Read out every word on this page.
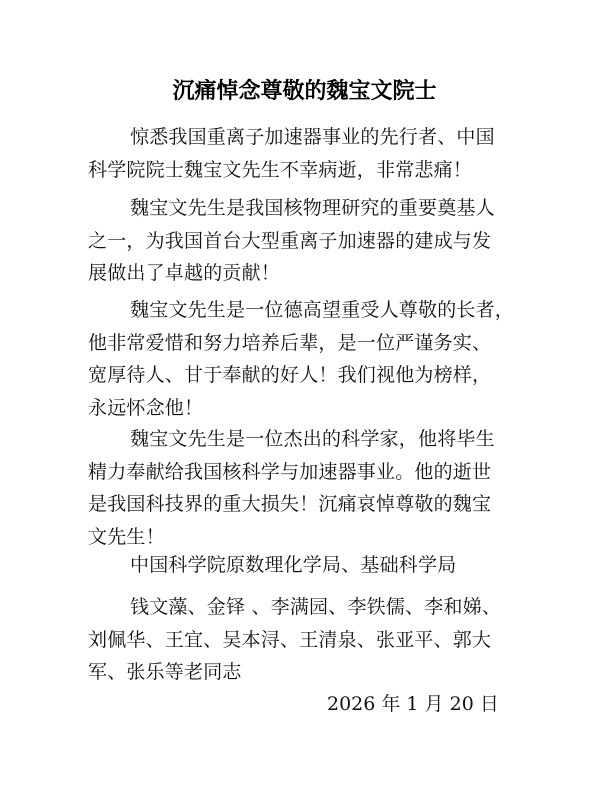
沉痛悼念尊敬的魏宝文院士
惊悉我国重离子加速器事业的先行者、中国
科学院院士魏宝文先生不幸病逝，非常悲痛！
魏宝文先生是我国核物理研究的重要奠基人
之一，为我国首台大型重离子加速器的建成与发
展做出了卓越的贡献！
魏宝文先生是一位德高望重受人尊敬的长者，
他非常爱惜和努力培养后辈，是一位严谨务实、
宽厚待人、甘于奉献的好人！我们视他为榜样，
永远怀念他！
魏宝文先生是一位杰出的科学家，他将毕生
精力奉献给我国核科学与加速器事业。他的逝世
是我国科技界的重大损失！沉痛哀悼尊敬的魏宝
文先生！
中国科学院原数理化学局、基础科学局
钱文藻、金铎 、李满园、李铁儒、李和娣、
刘佩华、王宜、吴本浔、王清泉、张亚平、郭大
军、张乐等老同志
2026 年 1 月 20 日
